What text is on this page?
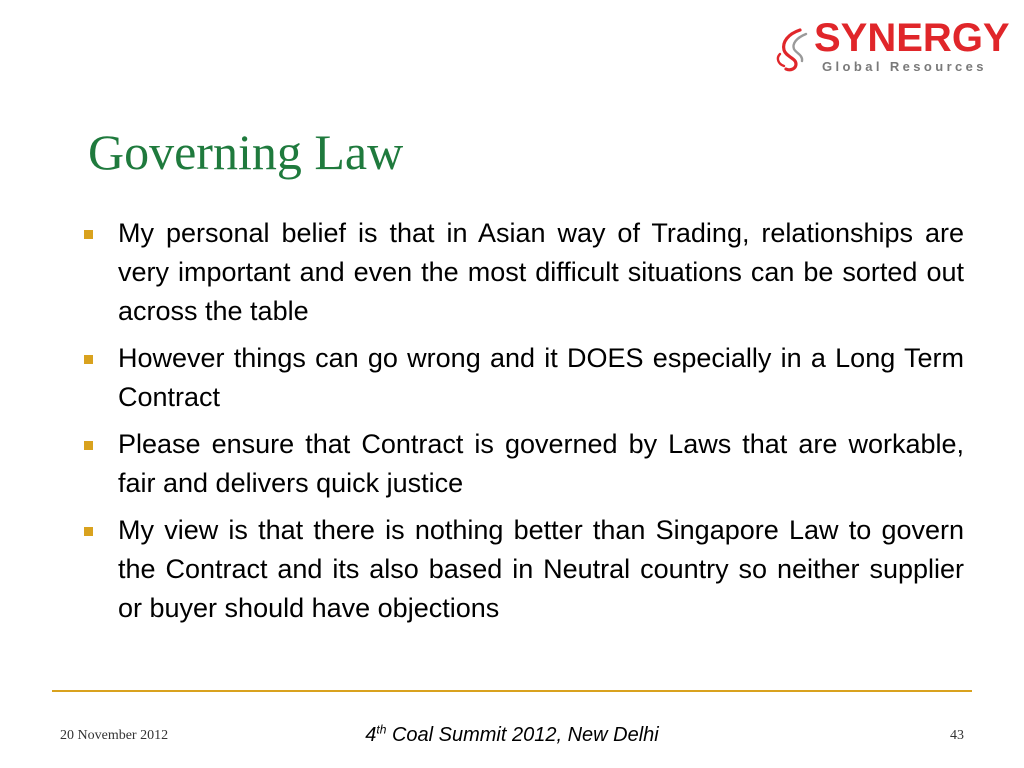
SYNERGY
Global Resources
Governing Law
My personal belief is that in Asian way of Trading, relationships are very important and even the most difficult situations can be sorted out across the table
However things can go wrong and it DOES especially in a Long Term Contract
Please ensure that Contract is governed by Laws that are workable, fair and delivers quick justice
My view is that there is nothing better than Singapore Law to govern the Contract and its also based in Neutral country so neither supplier or buyer should have objections
20 November 2012	4th Coal Summit 2012, New Delhi	43
